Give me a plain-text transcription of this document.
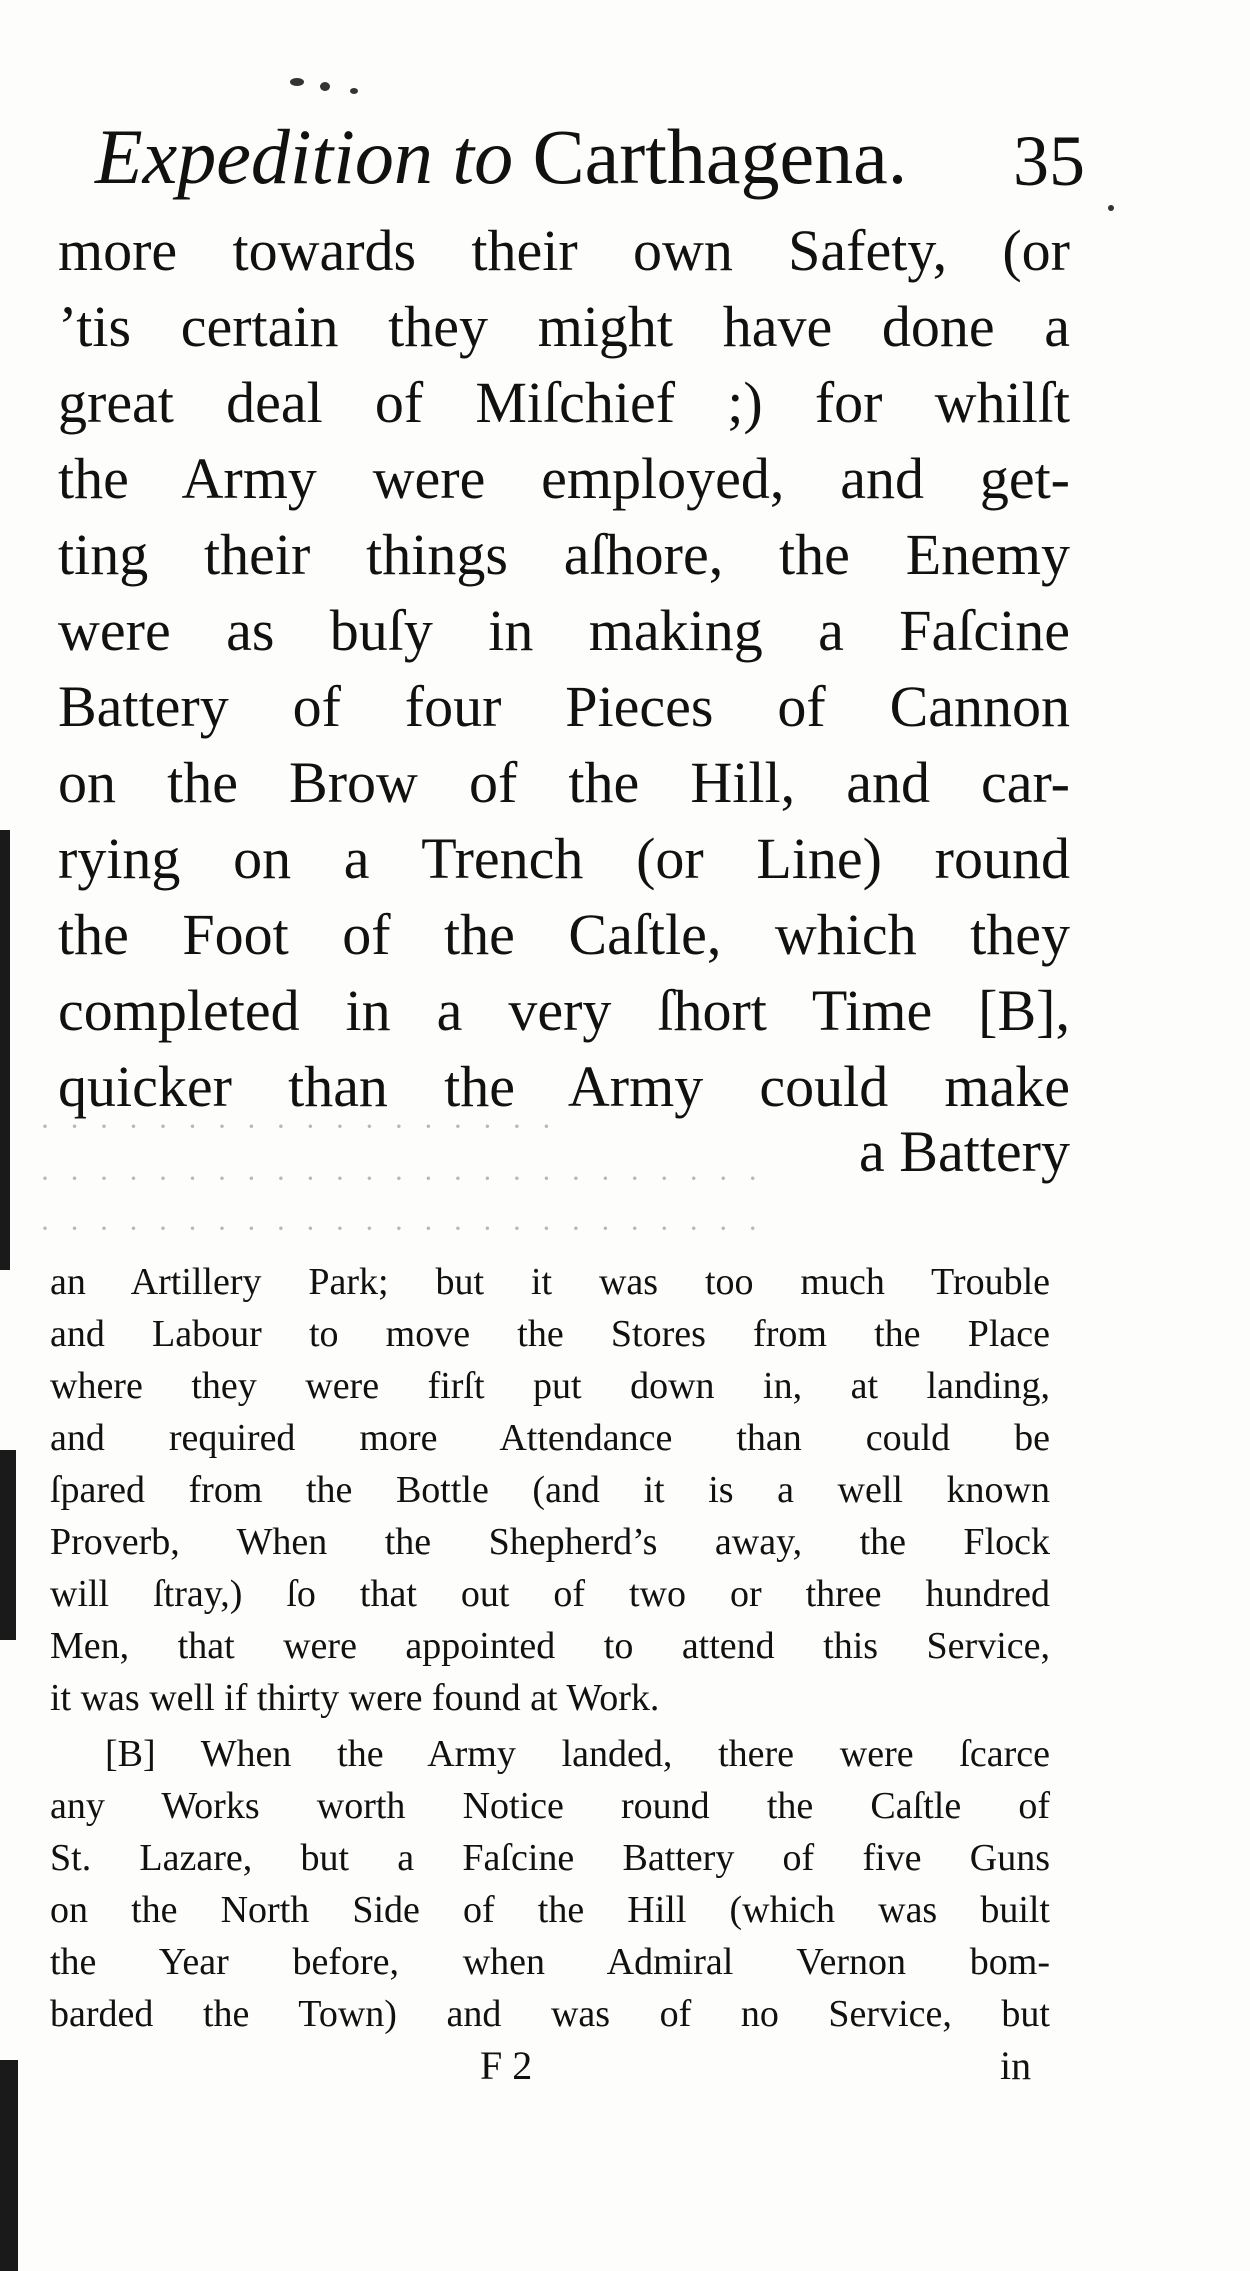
Expedition to Carthagena. 35
more towards their own Safety, (or
’tis certain they might have done a
great deal of Miſchief ;) for whilſt
the Army were employed, and get-
ting their things aſhore, the Enemy
were as buſy in making a Faſcine
Battery of four Pieces of Cannon
on the Brow of the Hill, and car-
rying on a Trench (or Line) round
the Foot of the Caſtle, which they
completed in a very ſhort Time [B],
quicker than the Army could make
a Battery
· · · · · · · · · · · · · · · · · ·
· · · · · · · · · · · · · · · · · · · · · · · · ·
· · · · · · · · · · · · · · · · · · · · · · · · ·
an Artillery Park; but it was too much Trouble
and Labour to move the Stores from the Place
where they were firſt put down in, at landing,
and required more Attendance than could be
ſpared from the Bottle (and it is a well known
Proverb, When the Shepherd’s away, the Flock
will ſtray,) ſo that out of two or three hundred
Men, that were appointed to attend this Service,
it was well if thirty were found at Work.
[B] When the Army landed, there were ſcarce
any Works worth Notice round the Caſtle of
St. Lazare, but a Faſcine Battery of five Guns
on the North Side of the Hill (which was built
the Year before, when Admiral Vernon bom-
barded the Town) and was of no Service, but
F 2	in
